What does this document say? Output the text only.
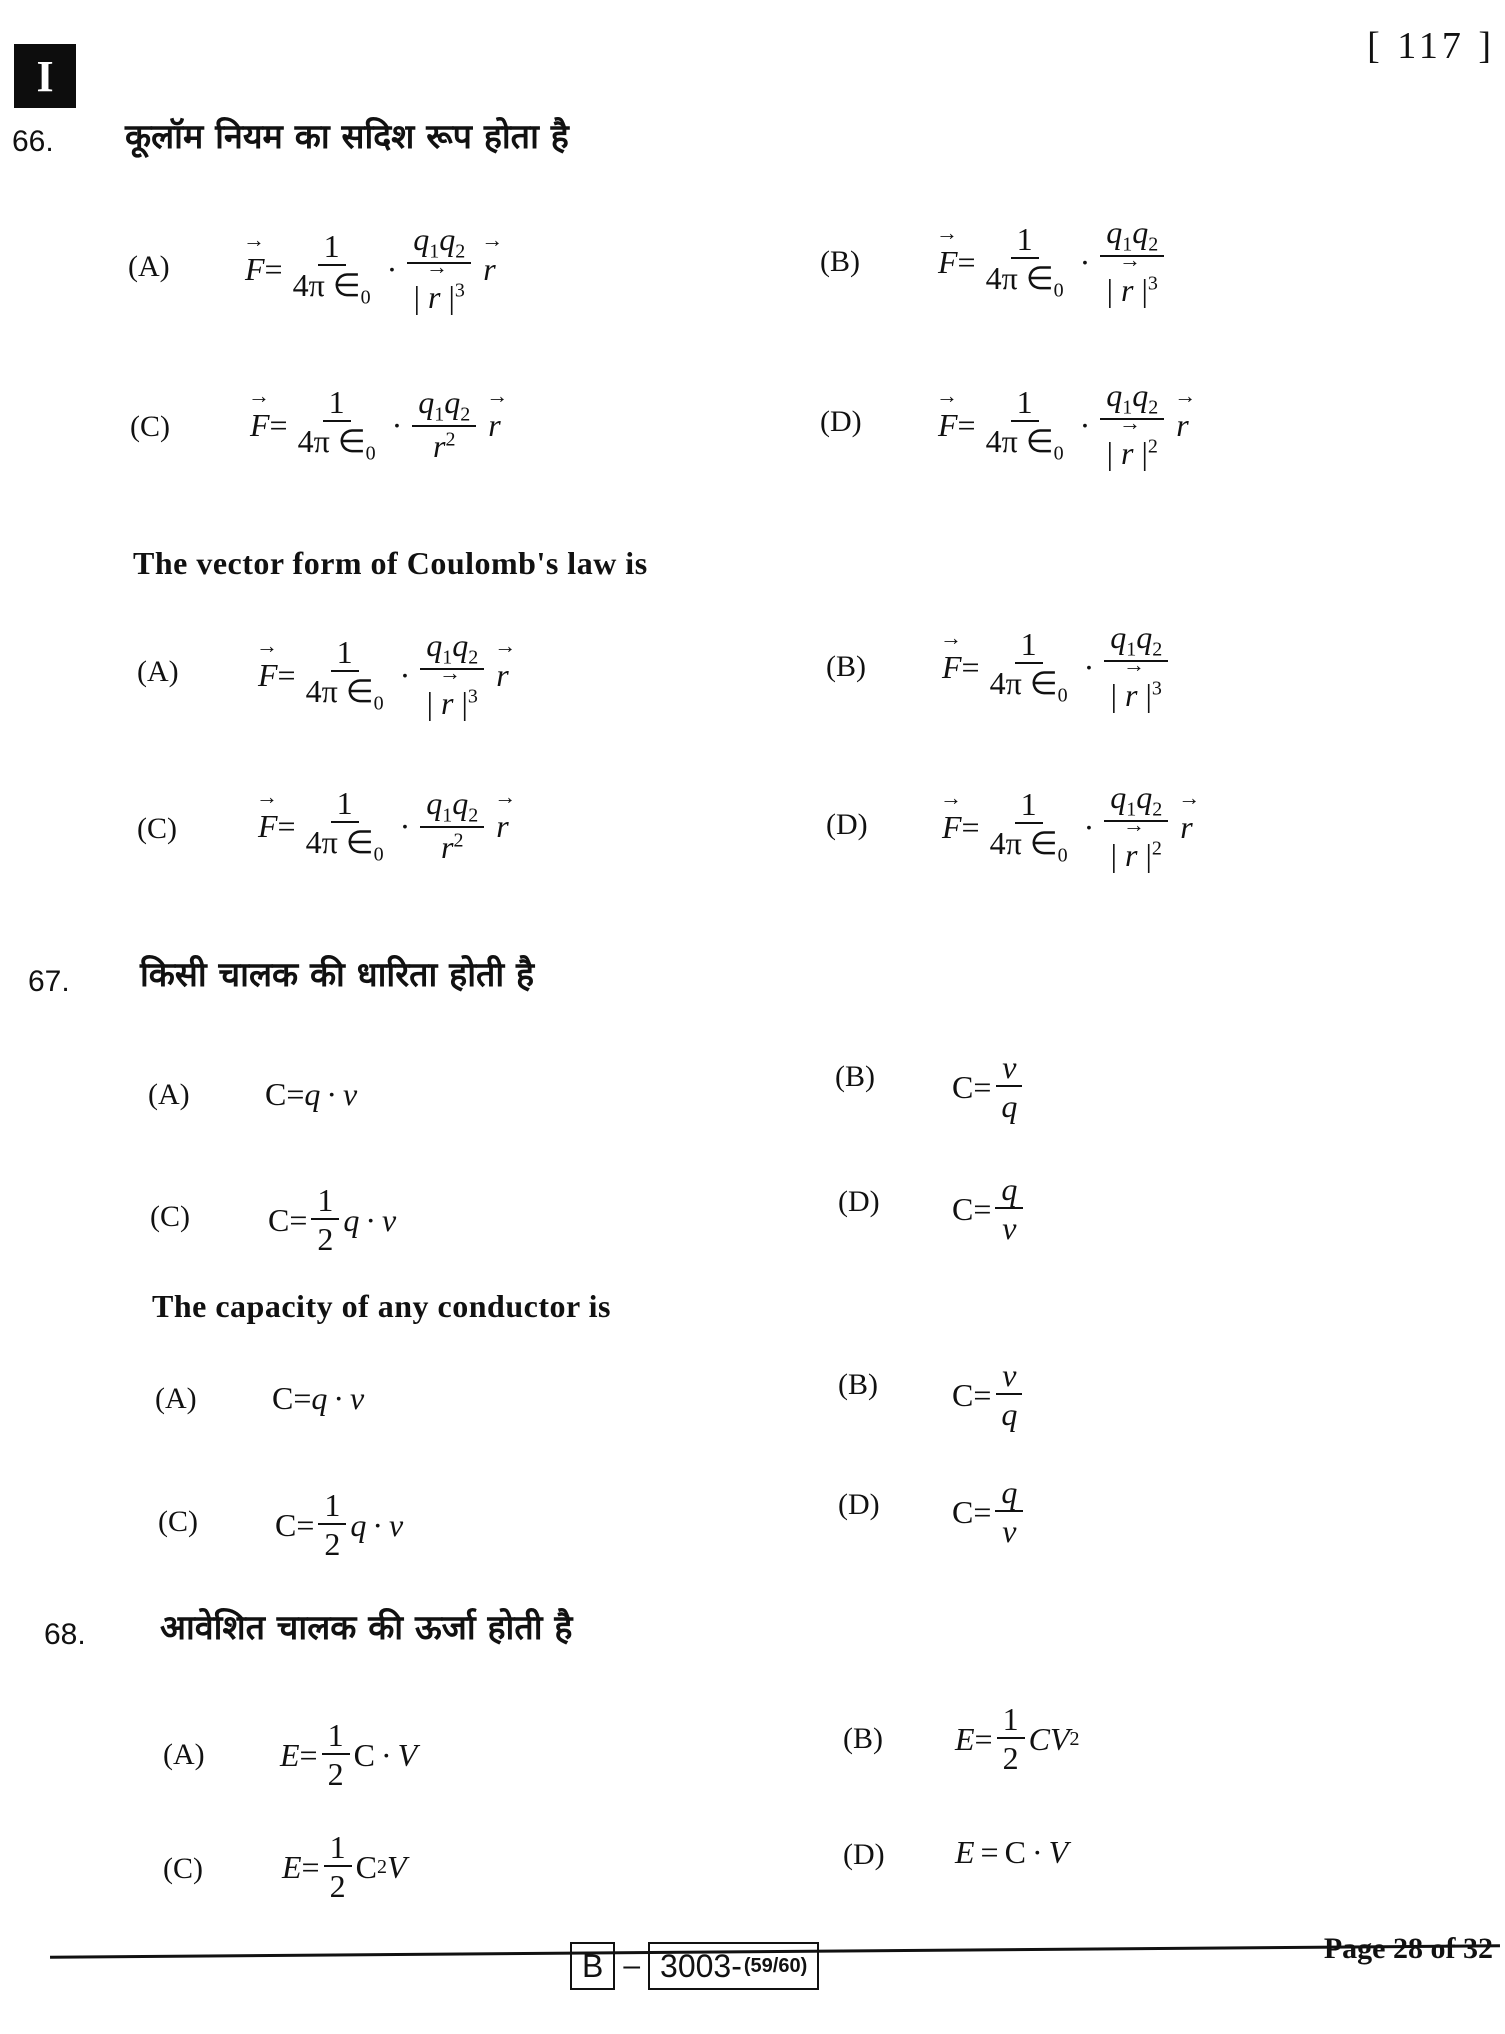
I
[ 117 ]
66. कूलॉम नियम का सदिश रूप होता है
$(A) \to F = \frac{1}{4\pi \in_0} \cdot \frac{q_1q_2}{| \to r |^3} \to r$	$(B) \to F = \frac{1}{4\pi \in_0} \cdot \frac{q_1q_2}{| \to r |^3}$
(C)	→ $F = \frac{1}{4\pi \in_0} \cdot \frac{q_1q_2}{r^2} \to r$	$(D) \to F = \frac{1}{4\pi \in_0} \cdot \frac{q_1q_2}{| \to r |^2} \to r$
The vector form of Coulomb's law is
$(A) \to F = \frac{1}{4\pi \in_0} \cdot \frac{q_1q_2}{| \to r |^3} \to r$	$(B) \to F = \frac{1}{4\pi \in_0} \cdot \frac{q_1q_2}{| \to r |^3}$
(C)	→ $F = \frac{1}{4\pi \in_0} \cdot \frac{q_1q_2}{r^2} \to r$	$(D) \to F = \frac{1}{4\pi \in_0} \cdot \frac{q_1q_2}{| \to r |^2} \to r$
67. किसी चालक की धारिता होती है
(A) C = q · v	(B) $C = \frac{v}{q}$
(C) $C = \frac{1}{2}$ q · v
(D) $C = \frac{q}{v}$
The capacity of any conductor is
(A) C = q · v	(B) $C = \frac{v}{q}$
(C) $C = \frac{1}{2}$ q · v
(D) $C = \frac{q}{v}$
68. आवेशित चालक की ऊर्जा होती है
(A) $E = \frac{1}{2}$ C · V	(B) $E = \frac{1}{2}$ C V 2
(C) $E = \frac{1}{2}$ C 2 V	(D) E = C · V
B – 3003- (59/60)
Page 28 of 32
